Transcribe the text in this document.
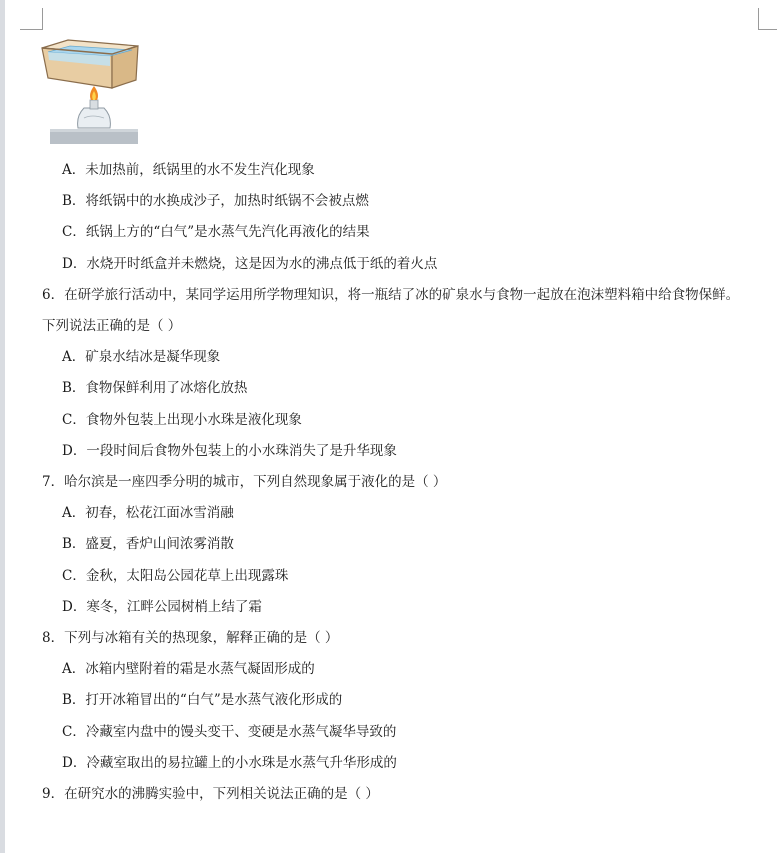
A．未加热前，纸锅里的水不发生汽化现象
B．将纸锅中的水换成沙子，加热时纸锅不会被点燃
C．纸锅上方的“白气”是水蒸气先汽化再液化的结果
D．水烧开时纸盒并未燃烧，这是因为水的沸点低于纸的着火点
6．在研学旅行活动中，某同学运用所学物理知识，将一瓶结了冰的矿泉水与食物一起放在泡沫塑料箱中给食物保鲜。
下列说法正确的是（ ）
A．矿泉水结冰是凝华现象
B．食物保鲜利用了冰熔化放热
C．食物外包装上出现小水珠是液化现象
D．一段时间后食物外包装上的小水珠消失了是升华现象
7．哈尔滨是一座四季分明的城市，下列自然现象属于液化的是（ ）
A．初春，松花江面冰雪消融
B．盛夏，香炉山间浓雾消散
C．金秋，太阳岛公园花草上出现露珠
D．寒冬，江畔公园树梢上结了霜
8．下列与冰箱有关的热现象，解释正确的是（ ）
A．冰箱内壁附着的霜是水蒸气凝固形成的
B．打开冰箱冒出的“白气”是水蒸气液化形成的
C．冷藏室内盘中的馒头变干、变硬是水蒸气凝华导致的
D．冷藏室取出的易拉罐上的小水珠是水蒸气升华形成的
9．在研究水的沸腾实验中，下列相关说法正确的是（ ）
